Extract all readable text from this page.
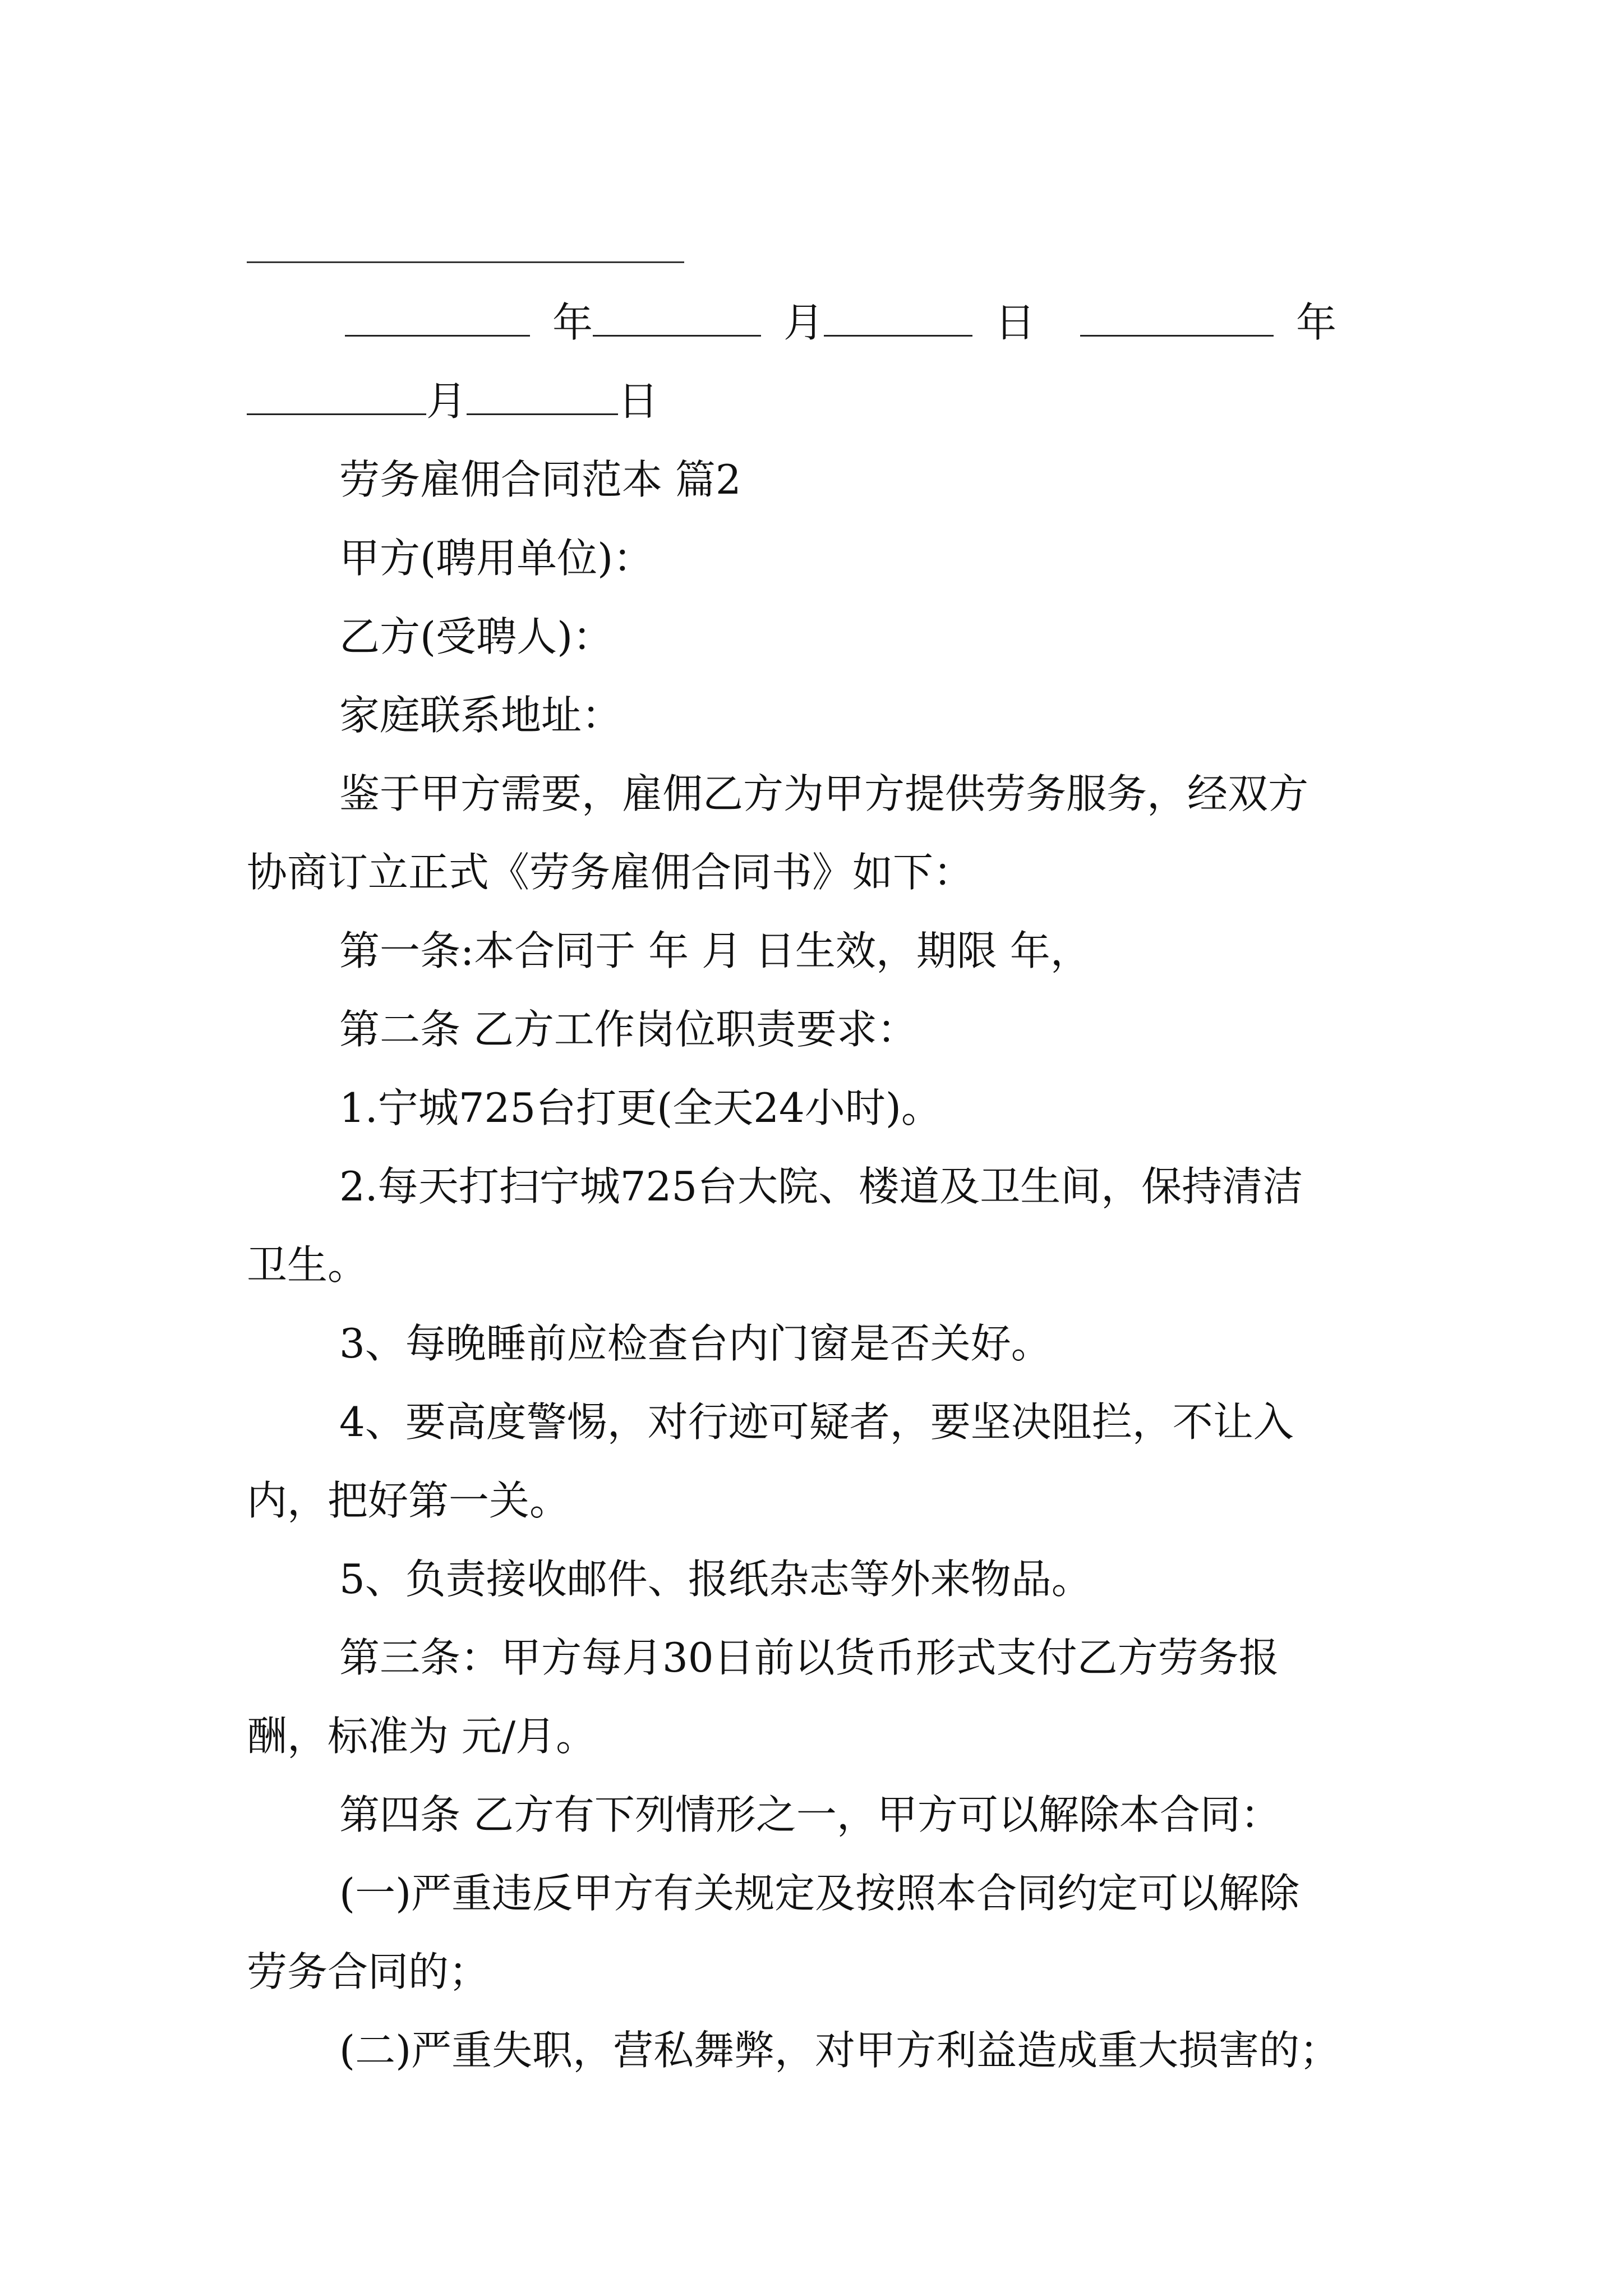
年	月	日	年
月	日
劳务雇佣合同范本 篇2
甲方(聘用单位)：
乙方(受聘人)：
家庭联系地址：
鉴于甲方需要，雇佣乙方为甲方提供劳务服务，经双方
协商订立正式《劳务雇佣合同书》如下：
第一条:本合同于 年 月 日生效，期限 年，
第二条 乙方工作岗位职责要求：
1.宁城725台打更(全天24小时)。
2.每天打扫宁城725台大院、楼道及卫生间，保持清洁
卫生。
3、每晚睡前应检查台内门窗是否关好。
4、要高度警惕，对行迹可疑者，要坚决阻拦，不让入
内，把好第一关。
5、负责接收邮件、报纸杂志等外来物品。
第三条：甲方每月30日前以货币形式支付乙方劳务报
酬，标准为 元/月。
第四条 乙方有下列情形之一，甲方可以解除本合同：
(一)严重违反甲方有关规定及按照本合同约定可以解除
劳务合同的；
(二)严重失职，营私舞弊，对甲方利益造成重大损害的；
